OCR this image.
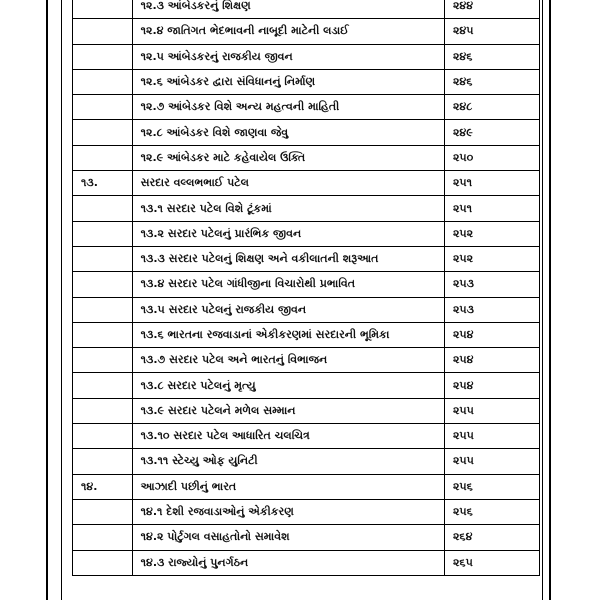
	૧૨.૩ આંબેડકરનું શિક્ષણ	૨૪૪
	૧૨.૪ જાતિગત ભેદભાવની નાબૂદી માટેની લડાઈ	૨૪૫
	૧૨.૫ આંબેડકરનું રાજકીય જીવન	૨૪૬
	૧૨.૬ આંબેડકર દ્વારા સંવિધાનનું નિર્માણ	૨૪૬
	૧૨.૭ આંબેડકર વિશે અન્ય મહત્વની માહિતી	૨૪૮
	૧૨.૮ આંબેડકર વિશે જાણવા જેવુ	૨૪૯
	૧૨.૯ આંબેડકર માટે કહેવાયેલ ઉક્તિ	૨૫૦
૧૩.	સરદાર વલ્લભભાઈ પટેલ	૨૫૧
	૧૩.૧ સરદાર પટેલ વિશે ટૂંકમાં	૨૫૧
	૧૩.૨ સરદાર પટેલનું પ્રારંભિક જીવન	૨૫૨
	૧૩.૩ સરદાર પટેલનું શિક્ષણ અને વકીલાતની શરૂઆત	૨૫૨
	૧૩.૪ સરદાર પટેલ ગાંધીજીના વિચારોથી પ્રભાવિત	૨૫૩
	૧૩.૫ સરદાર પટેલનું રાજકીય જીવન	૨૫૩
	૧૩.૬ ભારતના રજવાડાનાં એકીકરણમાં સરદારની ભૂમિકા	૨૫૪
	૧૩.૭ સરદાર પટેલ અને ભારતનું વિભાજન	૨૫૪
	૧૩.૮ સરદાર પટેલનું મૃત્યુ	૨૫૪
	૧૩.૯ સરદાર પટેલને મળેલ સમ્માન	૨૫૫
	૧૩.૧૦ સરદાર પટેલ આધારિત ચલચિત્ર	૨૫૫
	૧૩.૧૧ સ્ટેચ્યુ ઓફ યુનિટી	૨૫૫
૧૪.	આઝાદી પછીનું ભારત	૨૫૬
	૧૪.૧ દેશી રજવાડાઓનું એકીકરણ	૨૫૬
	૧૪.૨ પોર્ટુગલ વસાહતોનો સમાવેશ	૨૬૪
	૧૪.૩ રાજ્યોનું પુનર્ગઠન	૨૬૫
